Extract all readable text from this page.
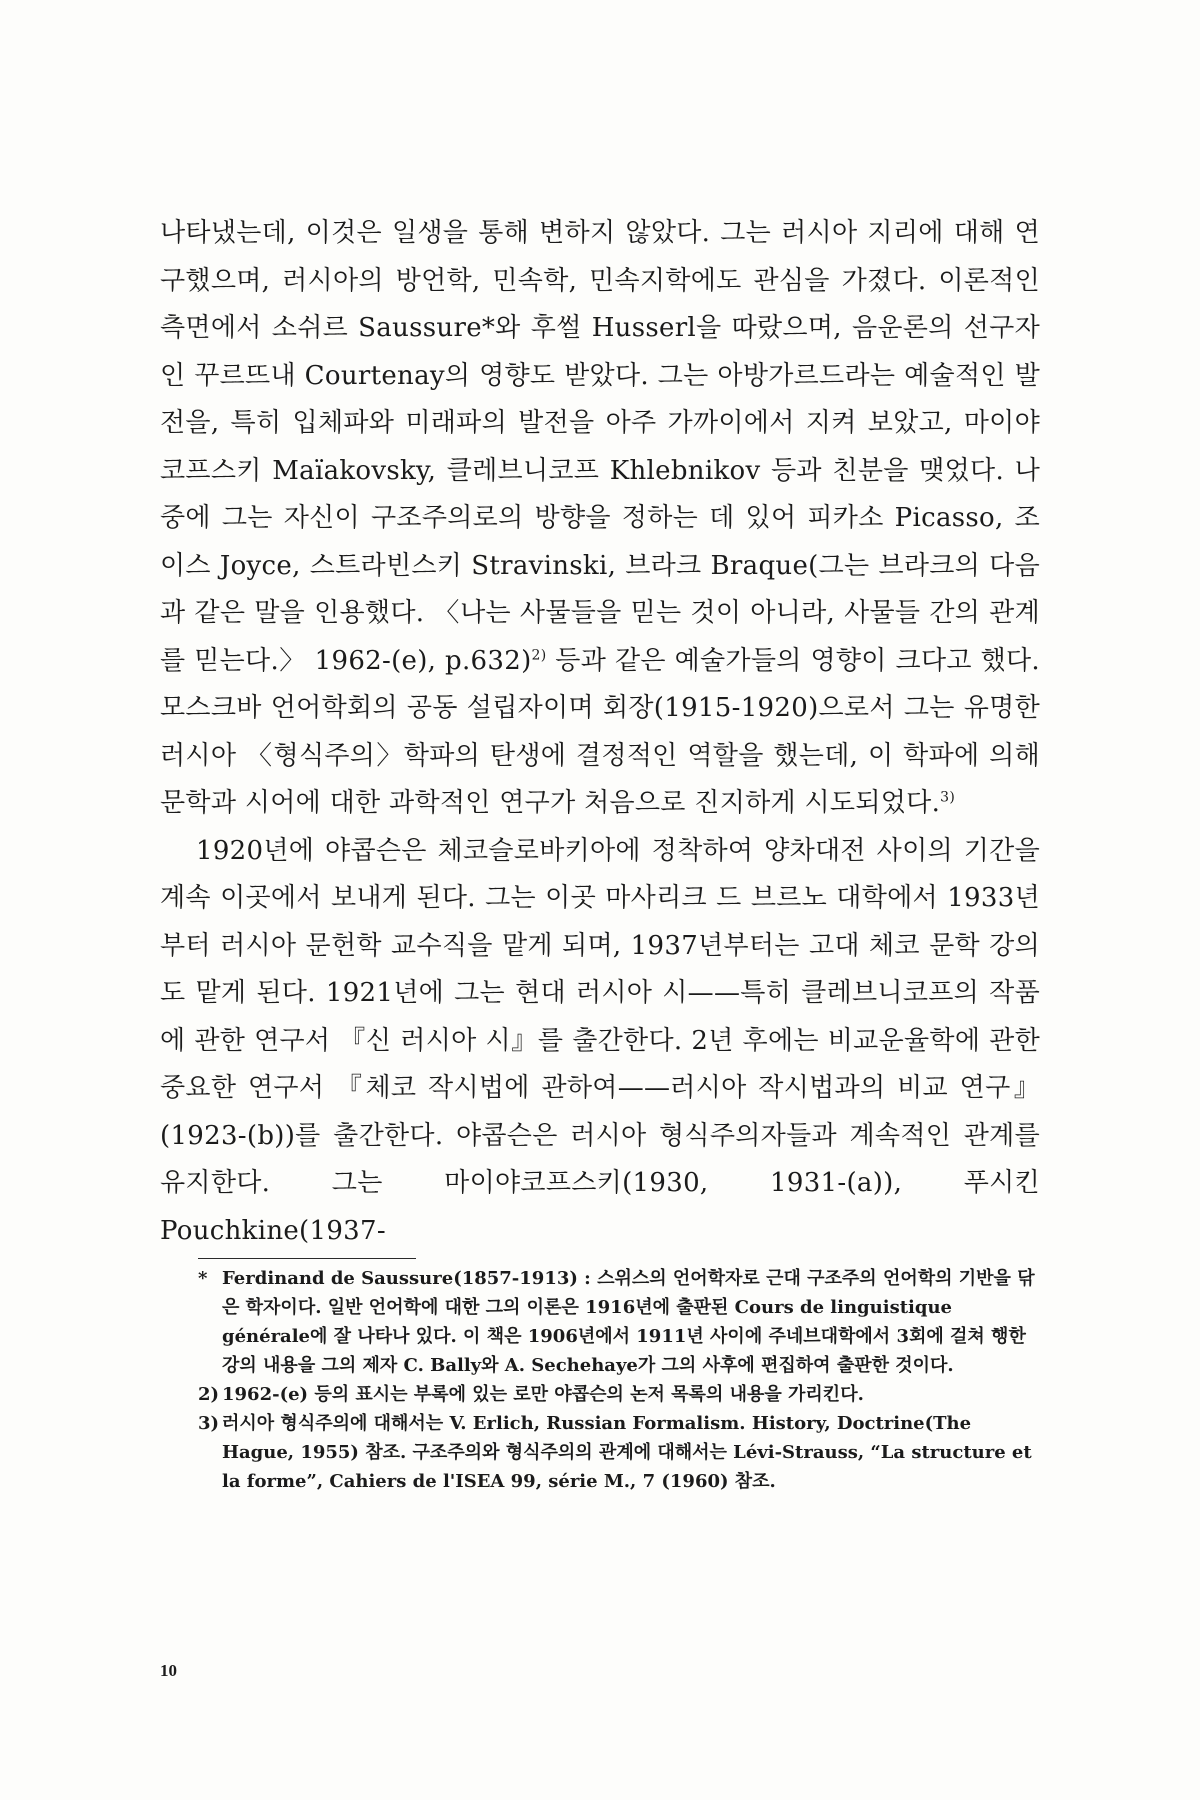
나타냈는데, 이것은 일생을 통해 변하지 않았다. 그는 러시아 지리에 대해 연구했으며, 러시아의 방언학, 민속학, 민속지학에도 관심을 가졌다. 이론적인 측면에서 소쉬르 Saussure*와 후썰 Husserl을 따랐으며, 음운론의 선구자인 꾸르뜨내 Courtenay의 영향도 받았다. 그는 아방가르드라는 예술적인 발전을, 특히 입체파와 미래파의 발전을 아주 가까이에서 지켜 보았고, 마이야코프스키 Maïakovsky, 클레브니코프 Khlebnikov 등과 친분을 맺었다. 나중에 그는 자신이 구조주의로의 방향을 정하는 데 있어 피카소 Picasso, 조이스 Joyce, 스트라빈스키 Stravinski, 브라크 Braque(그는 브라크의 다음과 같은 말을 인용했다. 〈나는 사물들을 믿는 것이 아니라, 사물들 간의 관계를 믿는다.〉 1962-(e), p.632)$^{2)}$ 등과 같은 예술가들의 영향이 크다고 했다. 모스크바 언어학회의 공동 설립자이며 회장(1915-1920)으로서 그는 유명한 러시아 〈형식주의〉학파의 탄생에 결정적인 역할을 했는데, 이 학파에 의해 문학과 시어에 대한 과학적인 연구가 처음으로 진지하게 시도되었다.$^{3)}$

1920년에 야콥슨은 체코슬로바키아에 정착하여 양차대전 사이의 기간을 계속 이곳에서 보내게 된다. 그는 이곳 마사리크 드 브르노 대학에서 1933년부터 러시아 문헌학 교수직을 맡게 되며, 1937년부터는 고대 체코 문학 강의도 맡게 된다. 1921년에 그는 현대 러시아 시——특히 클레브니코프의 작품에 관한 연구서 『신 러시아 시』를 출간한다. 2년 후에는 비교운율학에 관한 중요한 연구서 『체코 작시법에 관하여——러시아 작시법과의 비교 연구』(1923-(b))를 출간한다. 야콥슨은 러시아 형식주의자들과 계속적인 관계를 유지한다. 그는 마이야코프스키(1930, 1931-(a)), 푸시킨 Pouchkine(1937-

* Ferdinand de Saussure(1857-1913) : 스위스의 언어학자로 근대 구조주의 언어학의 기반을 닦은 학자이다. 일반 언어학에 대한 그의 이론은 1916년에 출판된 Cours de linguistique générale에 잘 나타나 있다. 이 책은 1906년에서 1911년 사이에 주네브대학에서 3회에 걸쳐 행한 강의 내용을 그의 제자 C. Bally와 A. Sechehaye가 그의 사후에 편집하여 출판한 것이다.

2) 1962-(e) 등의 표시는 부록에 있는 로만 야콥슨의 논저 목록의 내용을 가리킨다.

3) 러시아 형식주의에 대해서는 V. Erlich, Russian Formalism. History, Doctrine(The Hague, 1955) 참조. 구조주의와 형식주의의 관계에 대해서는 Lévi-Strauss, “La structure et la forme”, Cahiers de l'ISEA 99, série M., 7 (1960) 참조.

10
